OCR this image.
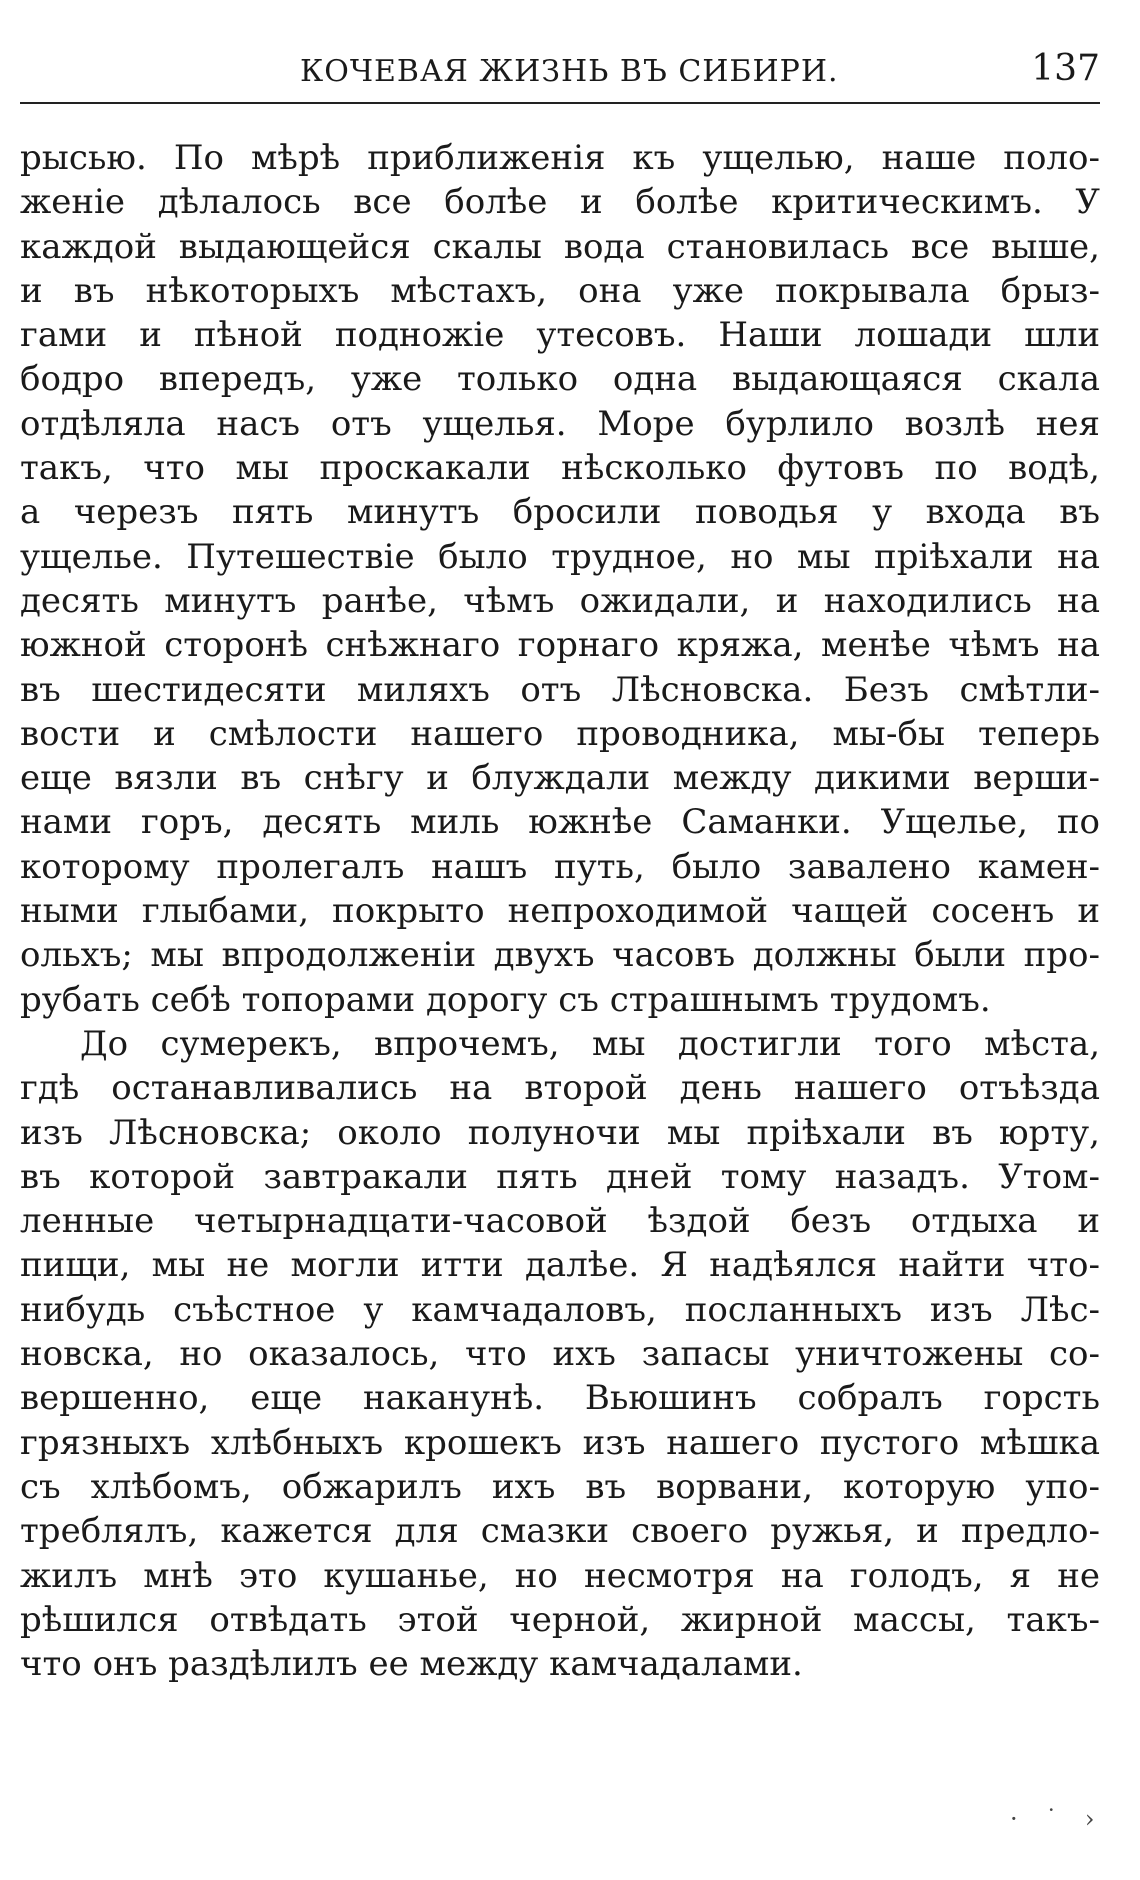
КОЧЕВАЯ ЖИЗНЬ ВЪ СИБИРИ.	137
рысью. По мѣрѣ приближенія къ ущелью, наше поло-
женіе дѣлалось все болѣе и болѣе критическимъ. У
каждой выдающейся скалы вода становилась все выше,
и въ нѣкоторыхъ мѣстахъ, она уже покрывала брыз-
гами и пѣной подножіе утесовъ. Наши лошади шли
бодро впередъ, уже только одна выдающаяся скала
отдѣляла насъ отъ ущелья. Море бурлило возлѣ нея
такъ, что мы проскакали нѣсколько футовъ по водѣ,
а черезъ пять минутъ бросили поводья у входа въ
ущелье. Путешествіе было трудное, но мы пріѣхали на
десять минутъ ранѣе, чѣмъ ожидали, и находились на
южной сторонѣ снѣжнаго горнаго кряжа, менѣе чѣмъ на
въ шестидесяти миляхъ отъ Лѣсновска. Безъ смѣтли-
вости и смѣлости нашего проводника, мы-бы теперь
еще вязли въ снѣгу и блуждали между дикими верши-
нами горъ, десять миль южнѣе Саманки. Ущелье, по
которому пролегалъ нашъ путь, было завалено камен-
ными глыбами, покрыто непроходимой чащей сосенъ и
ольхъ; мы впродолженіи двухъ часовъ должны были про-
рубать себѣ топорами дорогу съ страшнымъ трудомъ.
До сумерекъ, впрочемъ, мы достигли того мѣста,
гдѣ останавливались на второй день нашего отъѣзда
изъ Лѣсновска; около полуночи мы пріѣхали въ юрту,
въ которой завтракали пять дней тому назадъ. Утом-
ленные четырнадцати-часовой ѣздой безъ отдыха и
пищи, мы не могли итти далѣе. Я надѣялся найти что-
нибудь съѣстное у камчадаловъ, посланныхъ изъ Лѣс-
новска, но оказалось, что ихъ запасы уничтожены со-
вершенно, еще наканунѣ. Вьюшинъ собралъ горсть
грязныхъ хлѣбныхъ крошекъ изъ нашего пустого мѣшка
съ хлѣбомъ, обжарилъ ихъ въ ворвани, которую упо-
треблялъ, кажется для смазки своего ружья, и предло-
жилъ мнѣ это кушанье, но несмотря на голодъ, я не
рѣшился отвѣдать этой черной, жирной массы, такъ-
что онъ раздѣлилъ ее между камчадалами.
· ˙ ›
